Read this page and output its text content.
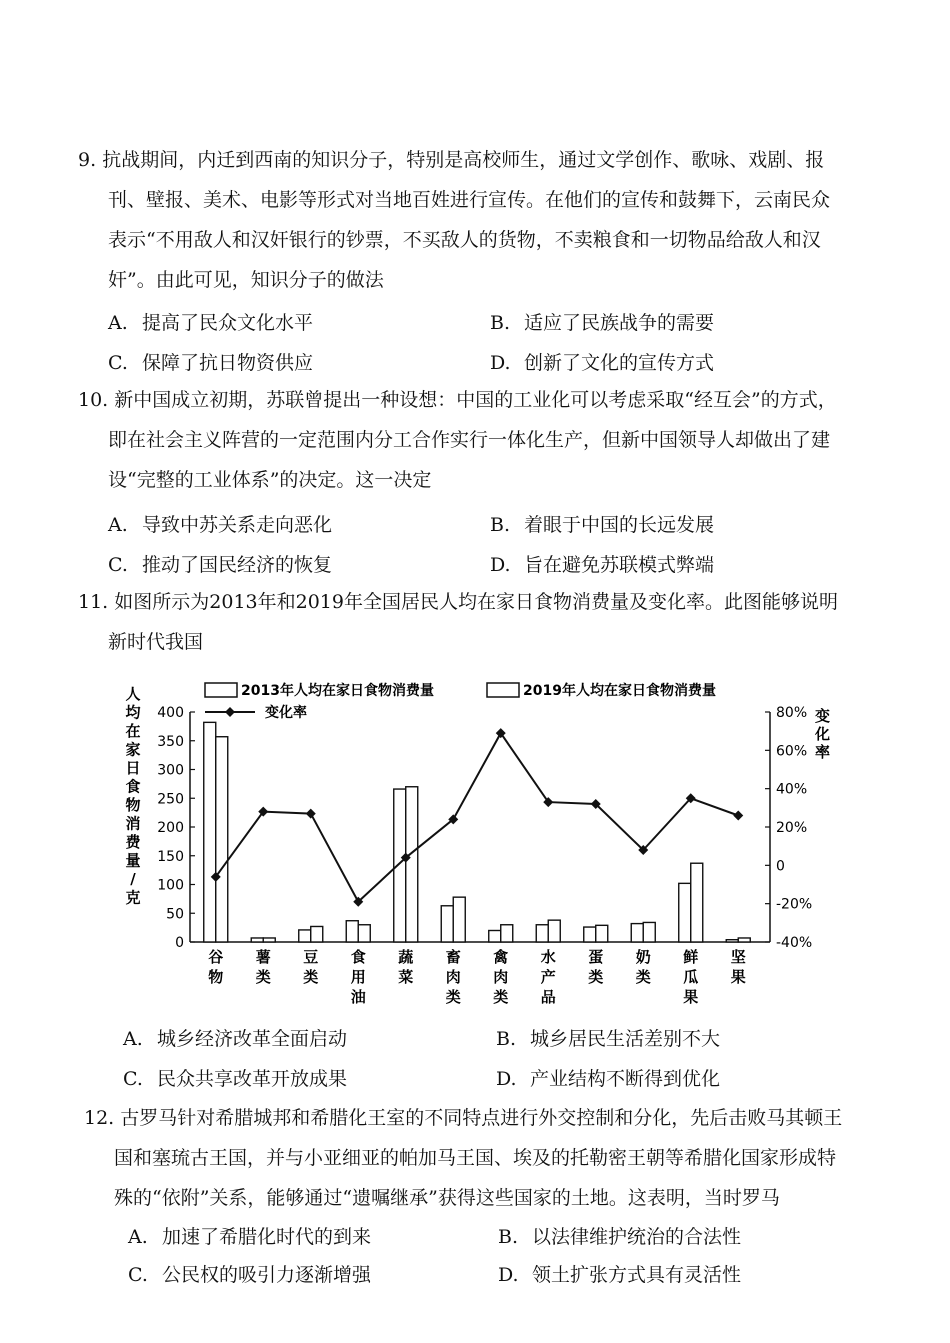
9. 抗战期间，内迁到西南的知识分子，特别是高校师生，通过文学创作、歌咏、戏剧、报
刊、壁报、美术、电影等形式对当地百姓进行宣传。在他们的宣传和鼓舞下，云南民众
表示“不用敌人和汉奸银行的钞票，不买敌人的货物，不卖粮食和一切物品给敌人和汉
奸”。由此可见，知识分子的做法
A. 提高了民众文化水平	B. 适应了民族战争的需要
C. 保障了抗日物资供应	D. 创新了文化的宣传方式
10. 新中国成立初期，苏联曾提出一种设想：中国的工业化可以考虑采取“经互会”的方式，
即在社会主义阵营的一定范围内分工合作实行一体化生产，但新中国领导人却做出了建
设“完整的工业体系”的决定。这一决定
A. 导致中苏关系走向恶化	B. 着眼于中国的长远发展
C. 推动了国民经济的恢复	D. 旨在避免苏联模式弊端
11. 如图所示为2013年和2019年全国居民人均在家日食物消费量及变化率。此图能够说明
新时代我国
2013年人均在家日食物消费量	2019年人均在家日食物消费量
变化率
人
均
在
家
日
食
物
消
费
量
/
克
变
化
率
0
50
100
150
200
250
300
350
400
-40%
-20%
0
20%
40%
60%
80%
谷
物
薯
类
豆
类
食
用
油
蔬
菜
畜
肉
类
禽
肉
类
水
产
品
蛋
类
奶
类
鲜
瓜
果
坚
果
A. 城乡经济改革全面启动	B. 城乡居民生活差别不大
C. 民众共享改革开放成果	D. 产业结构不断得到优化
12. 古罗马针对希腊城邦和希腊化王室的不同特点进行外交控制和分化，先后击败马其顿王
国和塞琉古王国，并与小亚细亚的帕加马王国、埃及的托勒密王朝等希腊化国家形成特
殊的“依附”关系，能够通过“遗嘱继承”获得这些国家的土地。这表明，当时罗马
A. 加速了希腊化时代的到来	B. 以法律维护统治的合法性
C. 公民权的吸引力逐渐增强	D. 领土扩张方式具有灵活性
